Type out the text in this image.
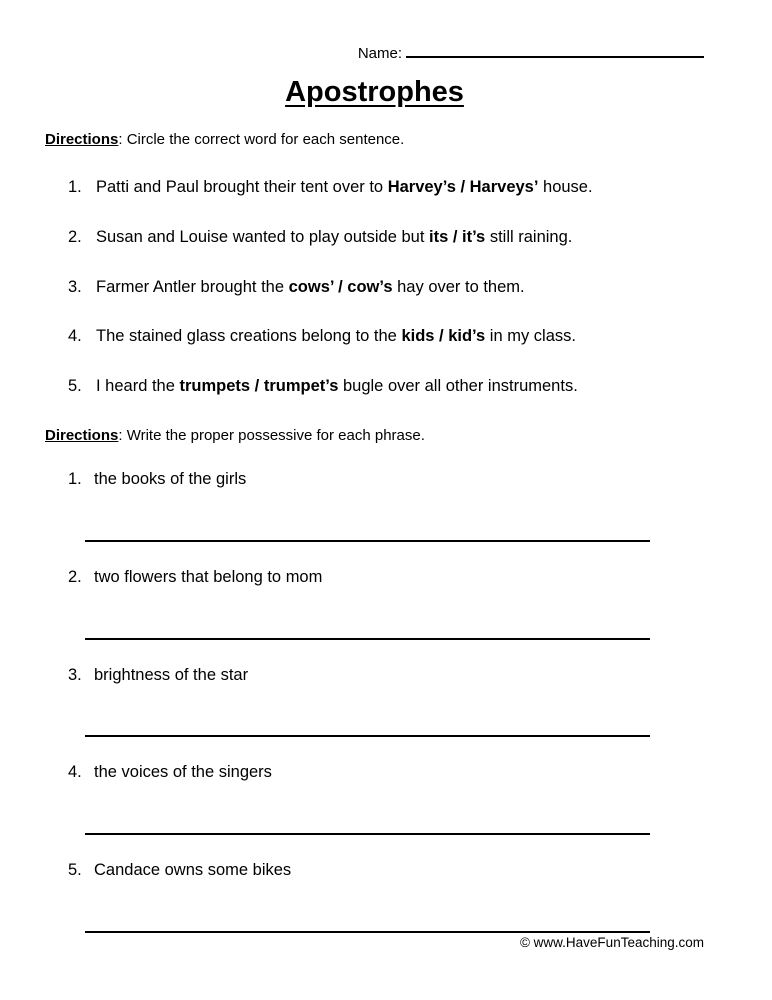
Name:
Apostrophes
Directions: Circle the correct word for each sentence.
1. Patti and Paul brought their tent over to Harvey’s / Harveys’ house.
2. Susan and Louise wanted to play outside but its / it’s still raining.
3. Farmer Antler brought the cows’ / cow’s hay over to them.
4. The stained glass creations belong to the kids / kid’s in my class.
5. I heard the trumpets / trumpet’s bugle over all other instruments.
Directions: Write the proper possessive for each phrase.
1. the books of the girls
2. two flowers that belong to mom
3. brightness of the star
4. the voices of the singers
5. Candace owns some bikes
© www.HaveFunTeaching.com
